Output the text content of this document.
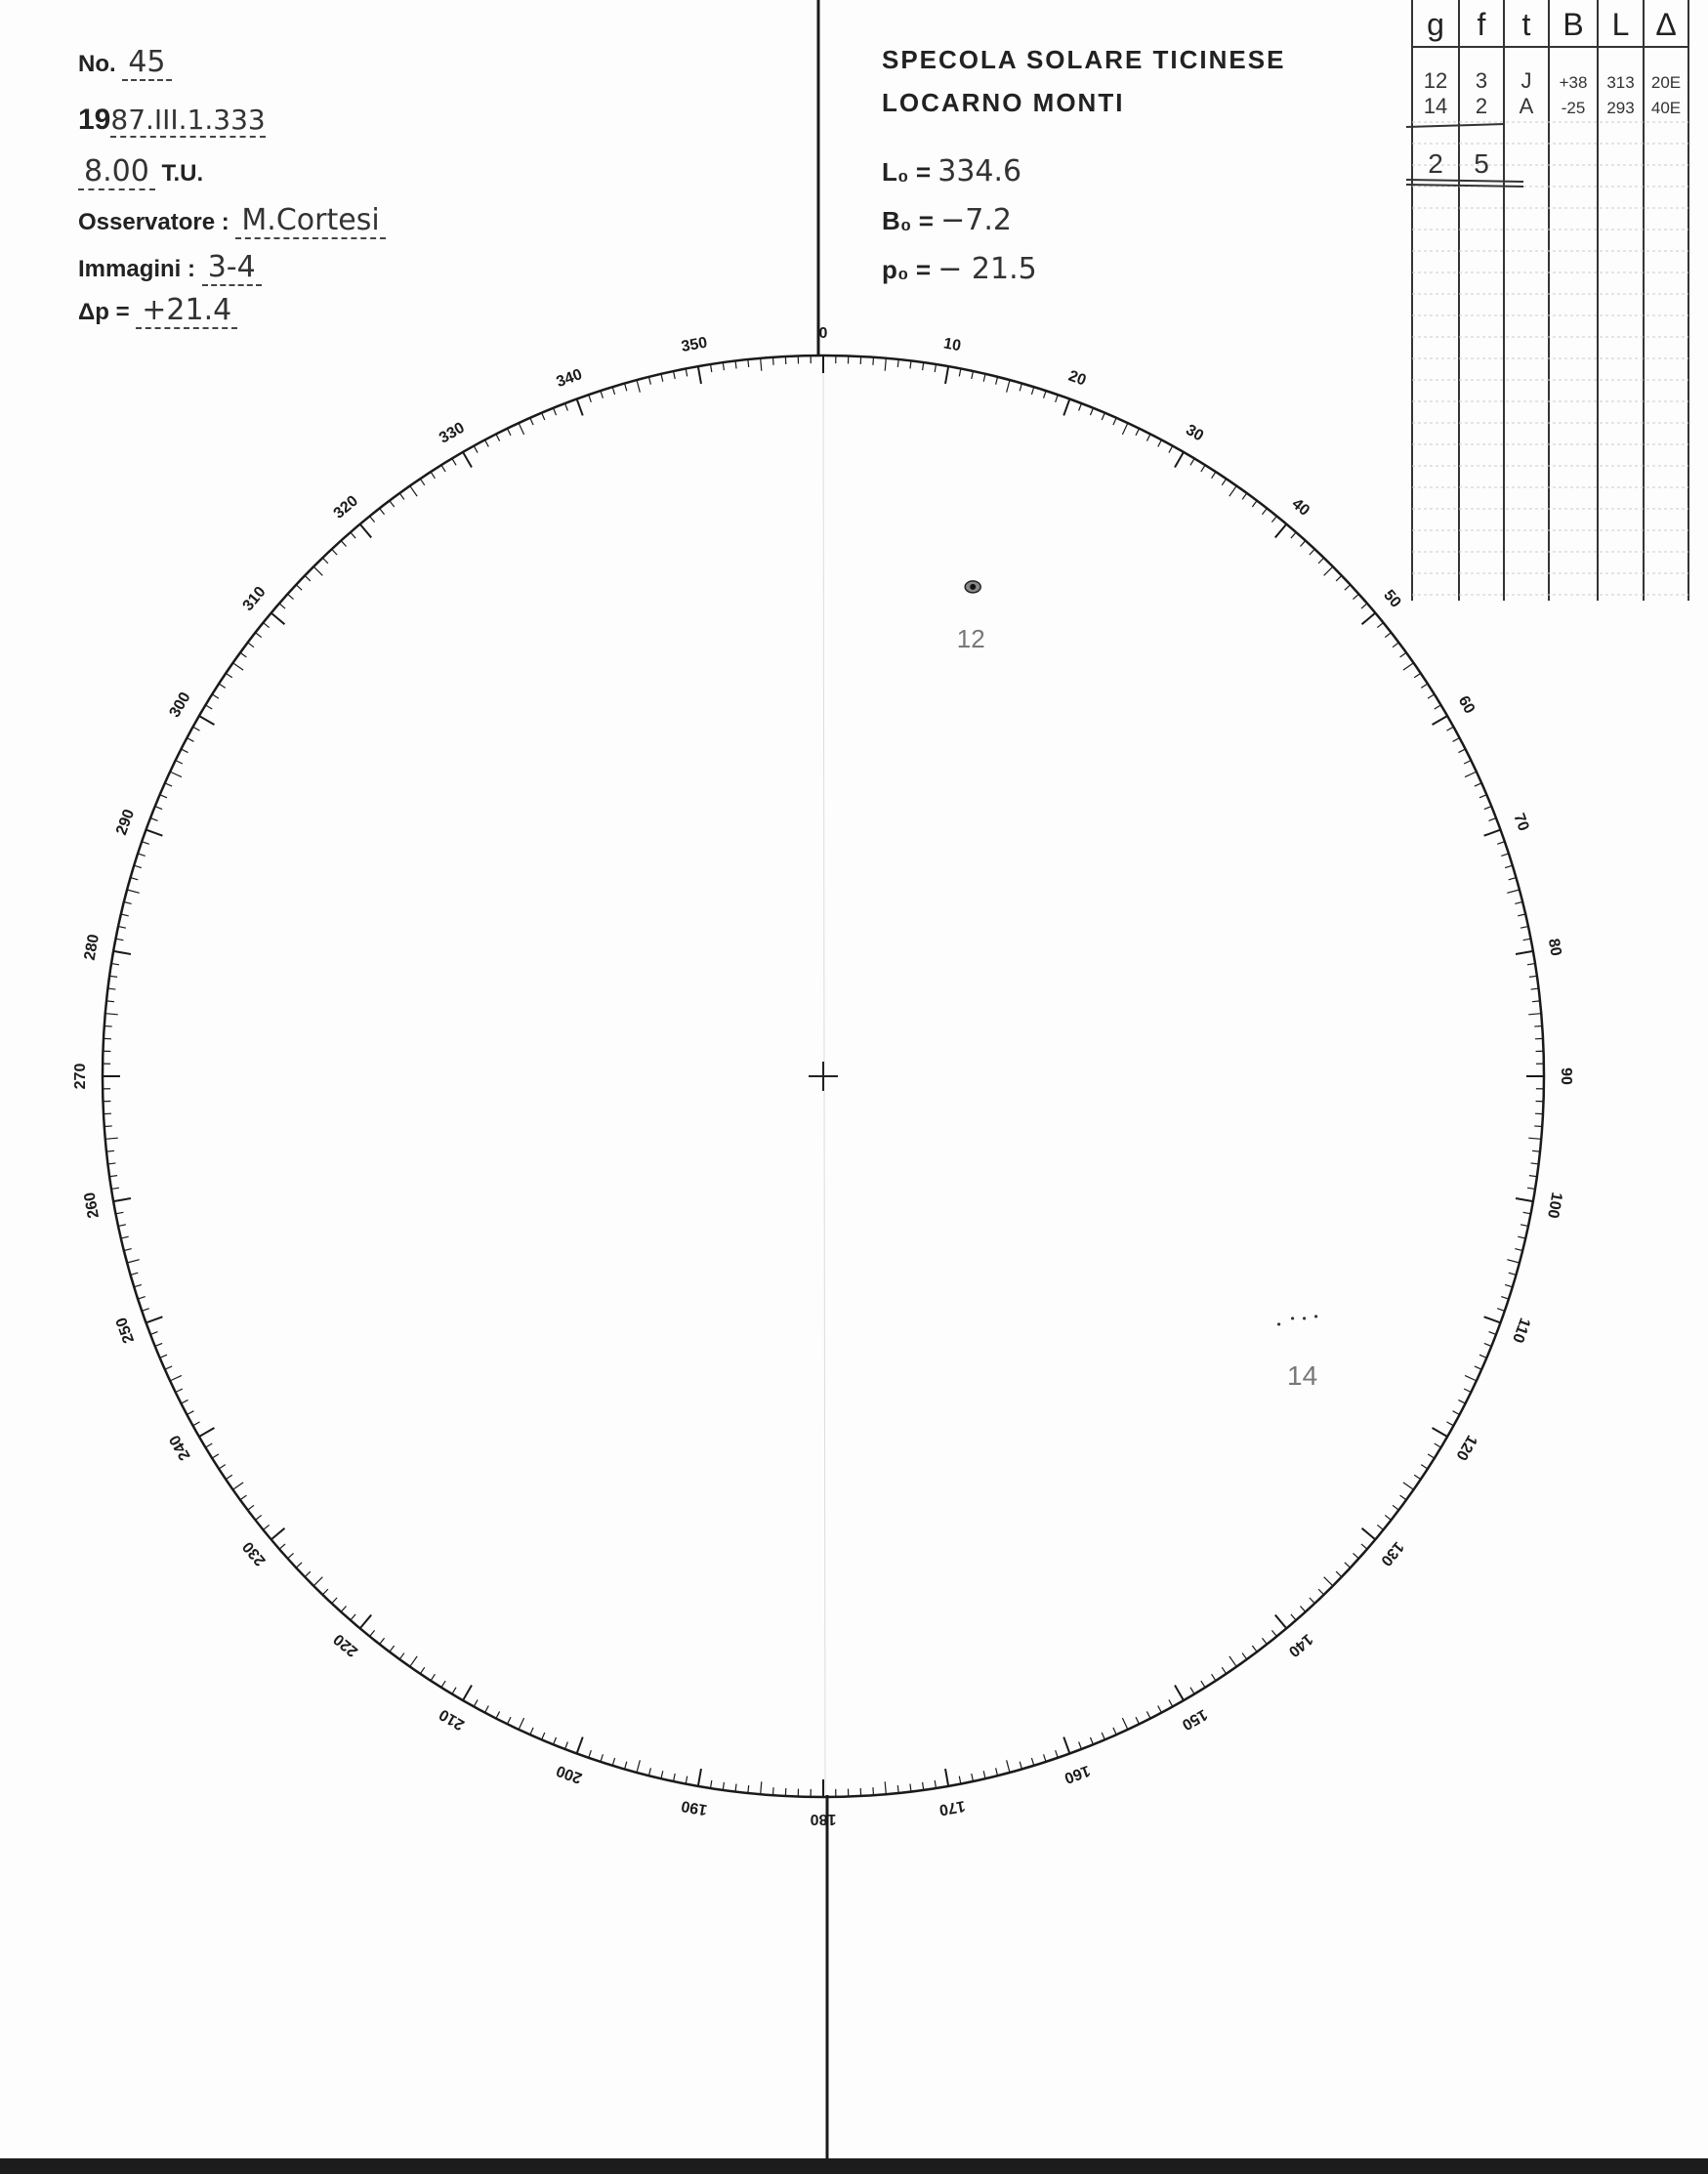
No. 45
1987.III.1.333
8.00 T.U.
Osservatore : M.Cortesi
Immagini : 3-4
Δp = +21.4
SPECOLA SOLARE TICINESE
LOCARNO MONTI
L₀ = 334.6
B₀ = −7.2
p₀ = − 21.5
0
10
20
30
40
50
60
70
80
90
100
110
120
130
140
150
160
170
180
190
200
210
220
230
240
250
260
270
280
290
300
310
320
330
340
350
12
14
g f t B L Δ
12 3 J +38 313 20E
14 2 A -25 293 40E
2 5
